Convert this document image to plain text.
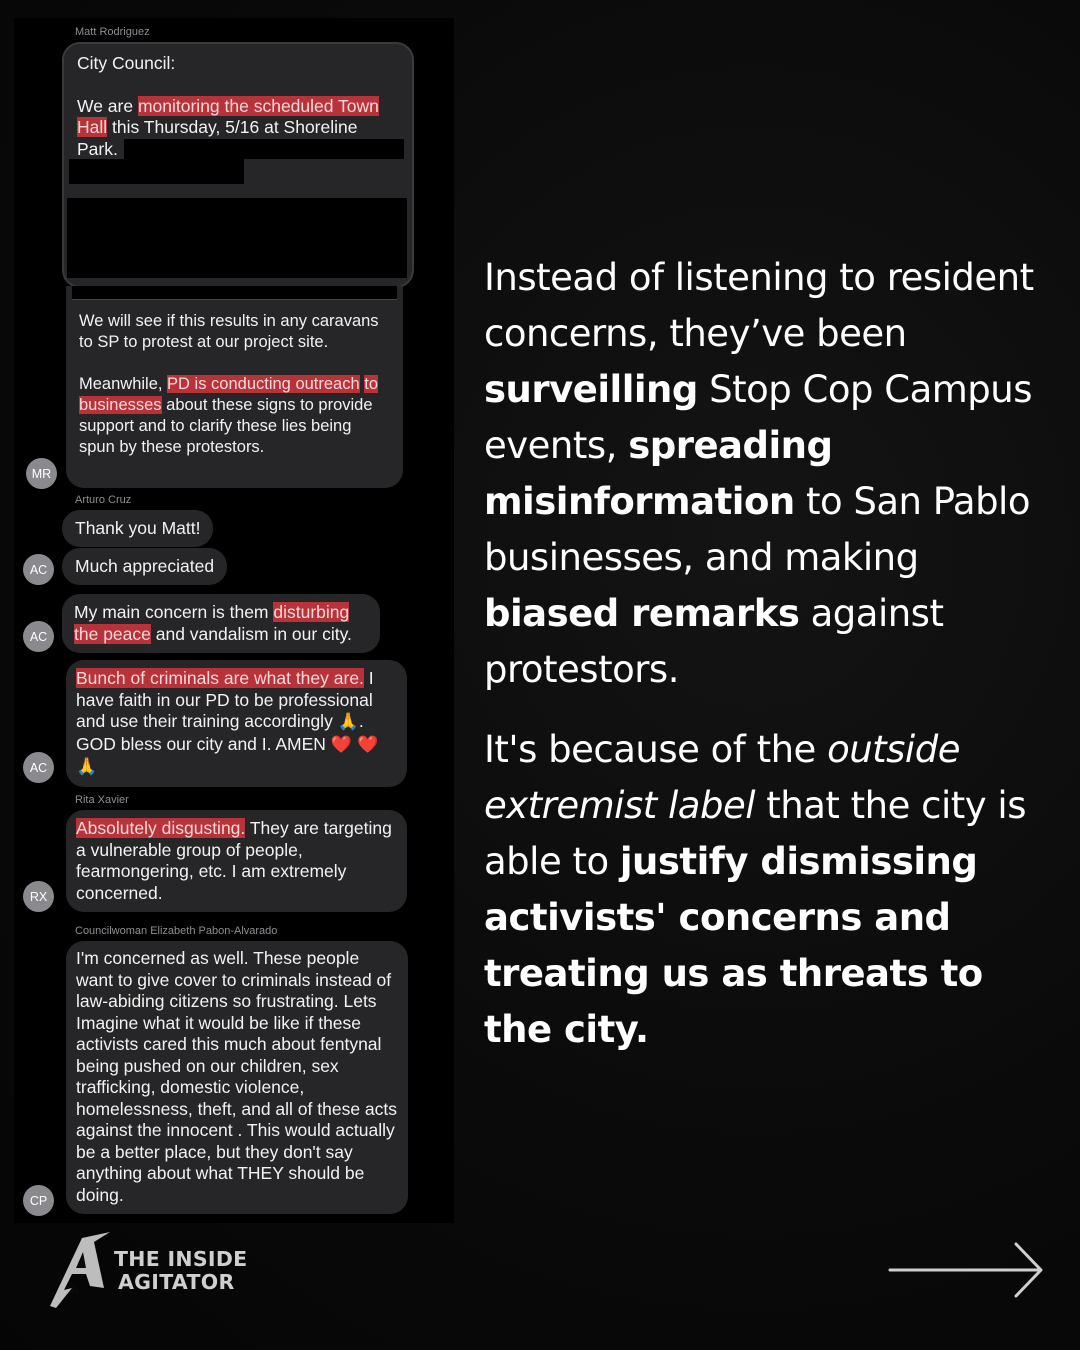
Matt Rodriguez

City Council:

We are monitoring the scheduled Town
Hall this Thursday, 5/16 at Shoreline
Park.

We will see if this results in any caravans to SP to protest at our project site.

Meanwhile, PD is conducting outreach to businesses about these signs to provide support and to clarify these lies being spun by these protestors.

MR
Arturo Cruz
Thank you Matt!
Much appreciated
AC

My main concern is them disturbing
the peace and vandalism in our city.

AC

Bunch of criminals are what they are. I have faith in our PD to be professional and use their training accordingly 🙏. GOD bless our city and I. AMEN ❤️ ❤️
🙏

AC
Rita Xavier

Absolutely disgusting. They are targeting a vulnerable group of people, fearmongering, etc. I am extremely concerned.

RX
Councilwoman Elizabeth Pabon-Alvarado

I'm concerned as well. These people want to give cover to criminals instead of law-abiding citizens so frustrating. Lets Imagine what it would be like if these activists cared this much about fentynal being pushed on our children, sex trafficking, domestic violence, homelessness, theft, and all of these acts against the innocent . This would actually be a better place, but they don't say anything about what THEY should be doing.

CP

Instead of listening to resident concerns, they’ve been surveilling Stop Cop Campus events, spreading misinformation to San Pablo businesses, and making biased remarks against protestors.

It's because of the outside extremist label that the city is able to justify dismissing activists' concerns and treating us as threats to the city.

A
THE INSIDE
AGITATOR
